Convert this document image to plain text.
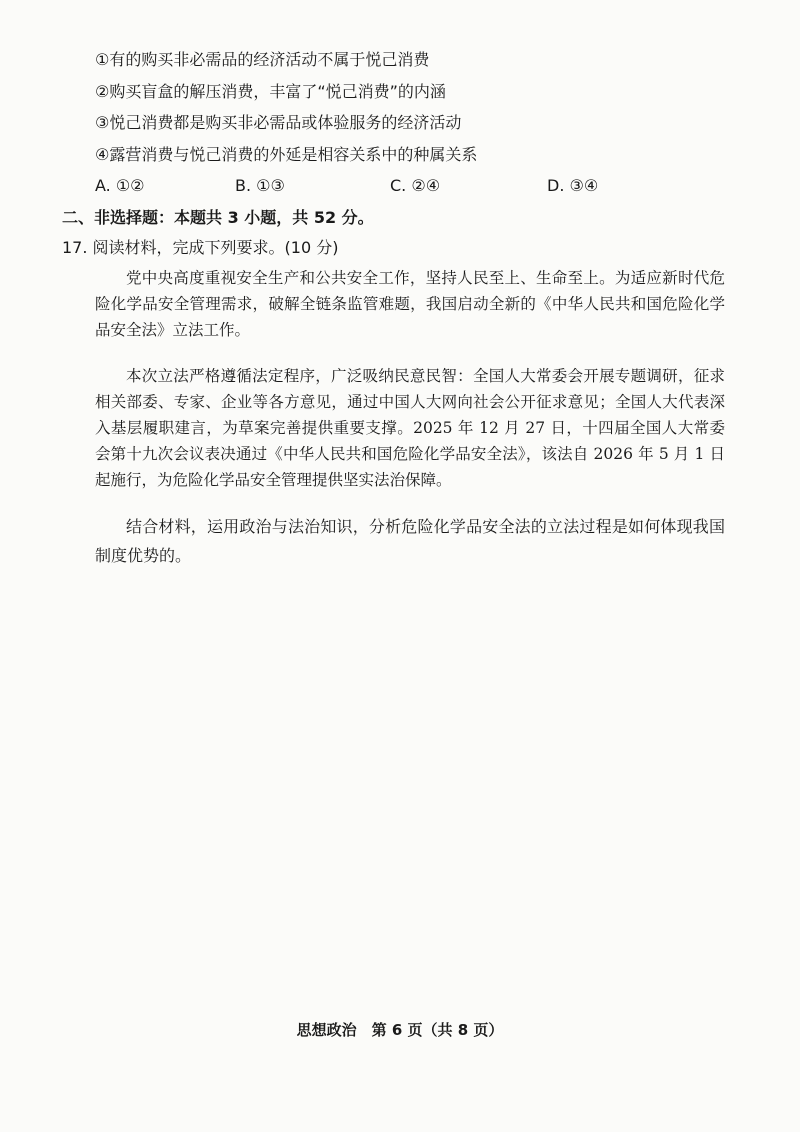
①有的购买非必需品的经济活动不属于悦己消费
②购买盲盒的解压消费，丰富了“悦己消费”的内涵
③悦己消费都是购买非必需品或体验服务的经济活动
④露营消费与悦己消费的外延是相容关系中的种属关系
A. ①②	B. ①③	C. ②④	D. ③④
二、非选择题：本题共 3 小题，共 52 分。
17. 阅读材料，完成下列要求。(10 分)

党中央高度重视安全生产和公共安全工作，坚持人民至上、生命至上。为适应新时代危险化学品安全管理需求，破解全链条监管难题，我国启动全新的《中华人民共和国危险化学品安全法》立法工作。

本次立法严格遵循法定程序，广泛吸纳民意民智：全国人大常委会开展专题调研，征求相关部委、专家、企业等各方意见，通过中国人大网向社会公开征求意见；全国人大代表深入基层履职建言，为草案完善提供重要支撑。2025 年 12 月 27 日，十四届全国人大常委会第十九次会议表决通过《中华人民共和国危险化学品安全法》，该法自 2026 年 5 月 1 日起施行，为危险化学品安全管理提供坚实法治保障。

结合材料，运用政治与法治知识，分析危险化学品安全法的立法过程是如何体现我国制度优势的。

思想政治　第 6 页（共 8 页）
